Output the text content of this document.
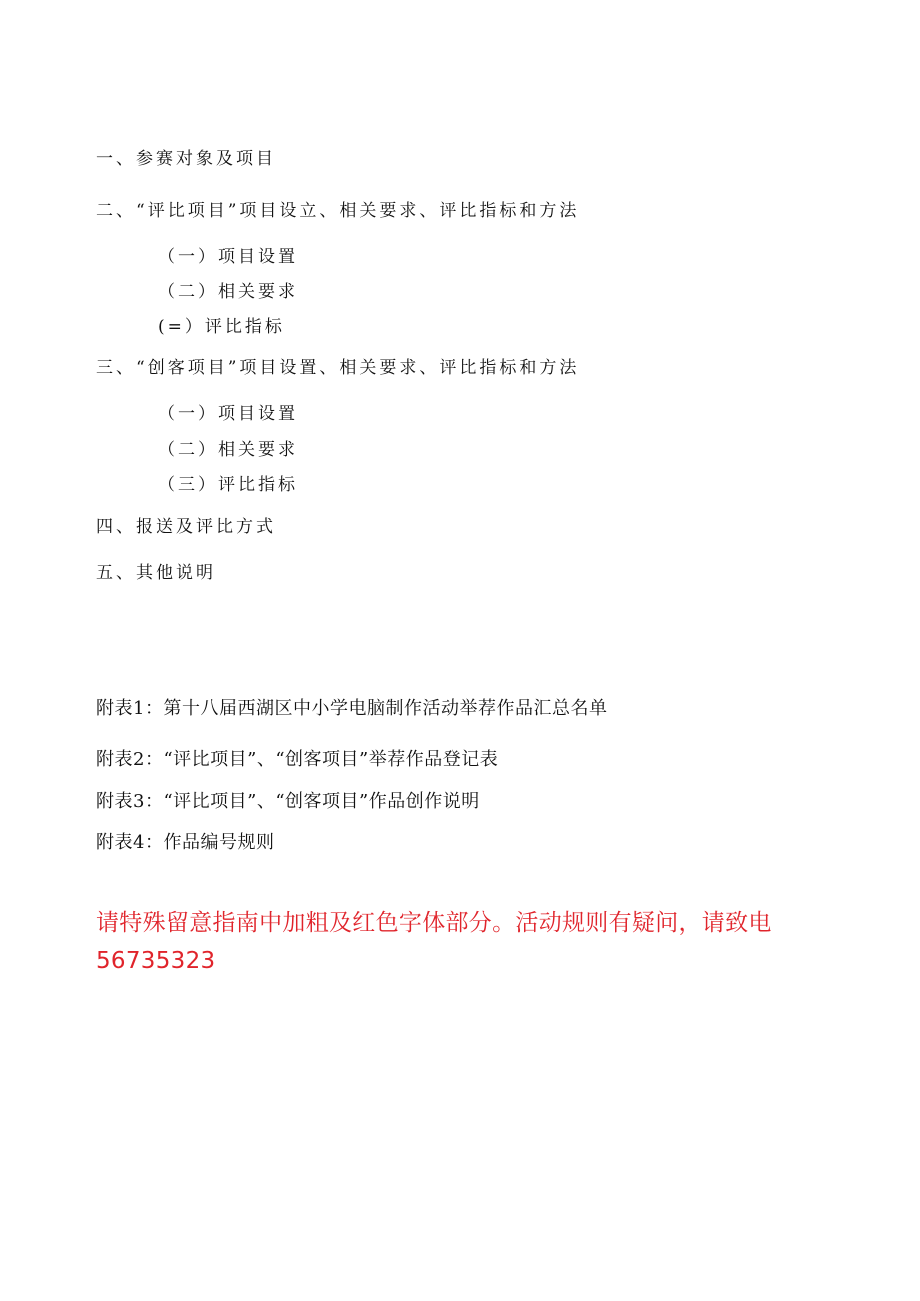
一、参赛对象及项目
二、“评比项目”项目设立、相关要求、评比指标和方法
（一）项目设置
（二）相关要求
(=）评比指标
三、“创客项目”项目设置、相关要求、评比指标和方法
（一）项目设置
（二）相关要求
（三）评比指标
四、报送及评比方式
五、其他说明
附表1：第十八届西湖区中小学电脑制作活动举荐作品汇总名单
附表2：“评比项目”、“创客项目”举荐作品登记表
附表3：“评比项目”、“创客项目”作品创作说明
附表4：作品编号规则
请特殊留意指南中加粗及红色字体部分。活动规则有疑问，请致电56735323
